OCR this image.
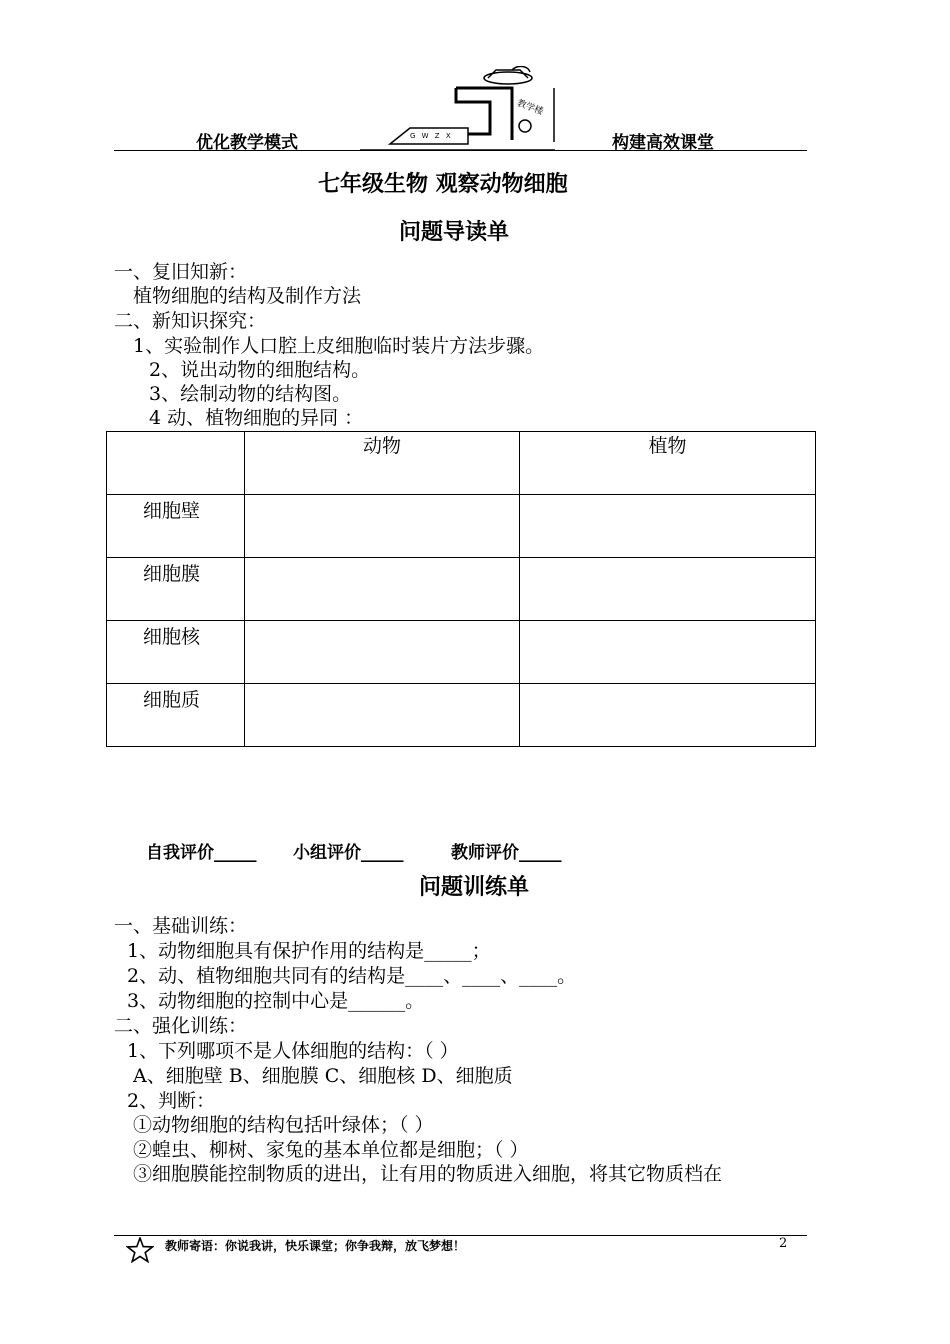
优化教学模式	构建高效课堂
G W Z X
教学楼
七年级生物 观察动物细胞
问题导读单
一、复旧知新：
植物细胞的结构及制作方法
二、新知识探究：
1、实验制作人口腔上皮细胞临时装片方法步骤。
2、说出动物的细胞结构。
3、绘制动物的结构图。
4 动、植物细胞的异同 ：
	动物	植物
细胞壁		
细胞膜		
细胞核		
细胞质		
自我评价_____ 小组评价_____	教师评价_____
问题训练单
一、基础训练：
1、动物细胞具有保护作用的结构是_____；
2、动、植物细胞共同有的结构是____、____、____。
3、动物细胞的控制中心是______。
二、强化训练：
1、下列哪项不是人体细胞的结构：（ ）
A、细胞壁 B、细胞膜 C、细胞核 D、细胞质
2、判断：
①动物细胞的结构包括叶绿体；（ ）
②蝗虫、柳树、家兔的基本单位都是细胞；（ ）
③细胞膜能控制物质的进出，让有用的物质进入细胞，将其它物质档在
教师寄语：你说我讲，快乐课堂；你争我辩，放飞梦想！	2
